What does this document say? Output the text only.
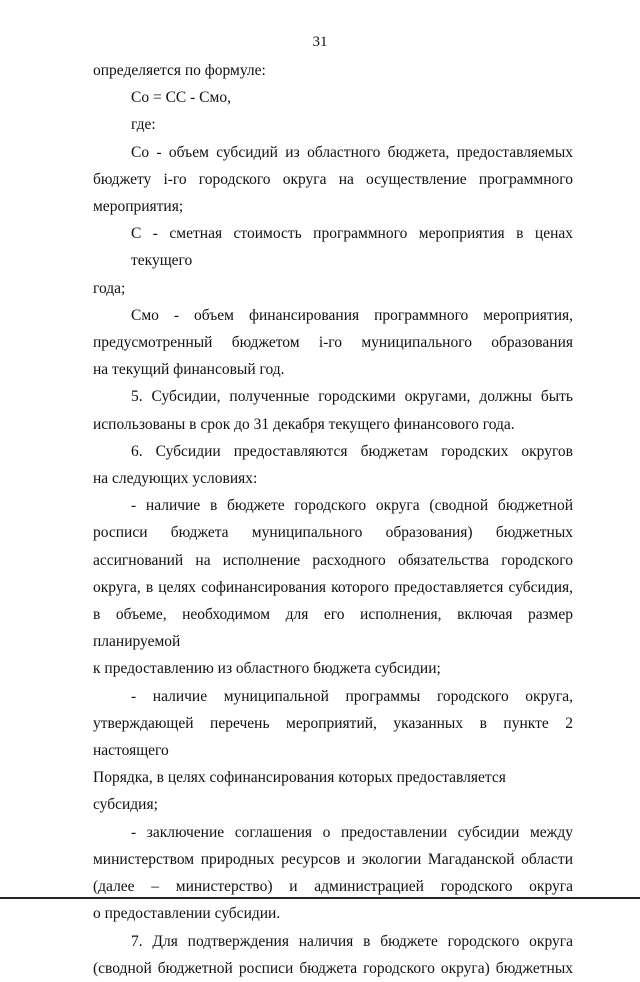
31
определяется по формуле:
Со = СС - Смо,
где:
Со - объем субсидий из областного бюджета, предоставляемых
бюджету i-го городского округа на осуществление программного
мероприятия;
С - сметная стоимость программного мероприятия в ценах текущего
года;
Смо - объем финансирования программного мероприятия,
предусмотренный бюджетом i-го муниципального образования
на текущий финансовый год.
5. Субсидии, полученные городскими округами, должны быть
использованы в срок до 31 декабря текущего финансового года.
6. Субсидии предоставляются бюджетам городских округов
на следующих условиях:
- наличие в бюджете городского округа (сводной бюджетной
росписи бюджета муниципального образования) бюджетных
ассигнований на исполнение расходного обязательства городского
округа, в целях софинансирования которого предоставляется субсидия,
в объеме, необходимом для его исполнения, включая размер планируемой
к предоставлению из областного бюджета субсидии;
- наличие муниципальной программы городского округа,
утверждающей перечень мероприятий, указанных в пункте 2 настоящего
Порядка, в целях софинансирования которых предоставляется субсидия;
- заключение соглашения о предоставлении субсидии между
министерством природных ресурсов и экологии Магаданской области
(далее – министерство) и администрацией городского округа
о предоставлении субсидии.
7. Для подтверждения наличия в бюджете городского округа
(сводной бюджетной росписи бюджета городского округа) бюджетных
